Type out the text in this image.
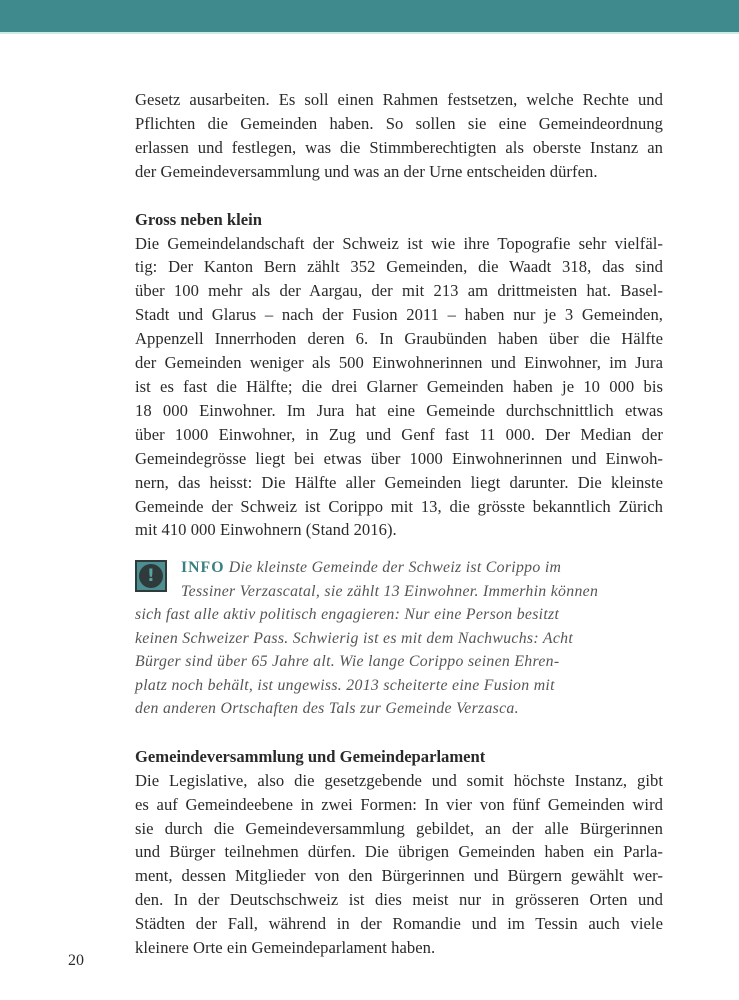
Gesetz ausarbeiten. Es soll einen Rahmen festsetzen, welche Rechte und
Pflichten die Gemeinden haben. So sollen sie eine Gemeindeordnung
erlassen und festlegen, was die Stimmberechtigten als oberste Instanz an
der Gemeindeversammlung und was an der Urne entscheiden dürfen.

Gross neben klein

Die Gemeindelandschaft der Schweiz ist wie ihre Topografie sehr vielfäl-
tig: Der Kanton Bern zählt 352 Gemeinden, die Waadt 318, das sind
über 100 mehr als der Aargau, der mit 213 am drittmeisten hat. Basel-
Stadt und Glarus – nach der Fusion 2011 – haben nur je 3 Gemeinden,
Appenzell Innerrhoden deren 6. In Graubünden haben über die Hälfte
der Gemeinden weniger als 500 Einwohnerinnen und Einwohner, im Jura
ist es fast die Hälfte; die drei Glarner Gemeinden haben je 10 000 bis
18 000 Einwohner. Im Jura hat eine Gemeinde durchschnittlich etwas
über 1000 Einwohner, in Zug und Genf fast 11 000. Der Median der
Gemeindegrösse liegt bei etwas über 1000 Einwohnerinnen und Einwoh-
nern, das heisst: Die Hälfte aller Gemeinden liegt darunter. Die kleinste
Gemeinde der Schweiz ist Corippo mit 13, die grösste bekanntlich Zürich
mit 410 000 Einwohnern (Stand 2016).

!	INFO Die kleinste Gemeinde der Schweiz ist Corippo im
Tessiner Verzascatal, sie zählt 13 Einwohner. Immerhin können
sich fast alle aktiv politisch engagieren: Nur eine Person besitzt
keinen Schweizer Pass. Schwierig ist es mit dem Nachwuchs: Acht
Bürger sind über 65 Jahre alt. Wie lange Corippo seinen Ehren-
platz noch behält, ist ungewiss. 2013 scheiterte eine Fusion mit
den anderen Ortschaften des Tals zur Gemeinde Verzasca.
Gemeindeversammlung und Gemeindeparlament

Die Legislative, also die gesetzgebende und somit höchste Instanz, gibt
es auf Gemeindeebene in zwei Formen: In vier von fünf Gemeinden wird
sie durch die Gemeindeversammlung gebildet, an der alle Bürgerinnen
und Bürger teilnehmen dürfen. Die übrigen Gemeinden haben ein Parla-
ment, dessen Mitglieder von den Bürgerinnen und Bürgern gewählt wer-
den. In der Deutschschweiz ist dies meist nur in grösseren Orten und
Städten der Fall, während in der Romandie und im Tessin auch viele
kleinere Orte ein Gemeindeparlament haben.

20
